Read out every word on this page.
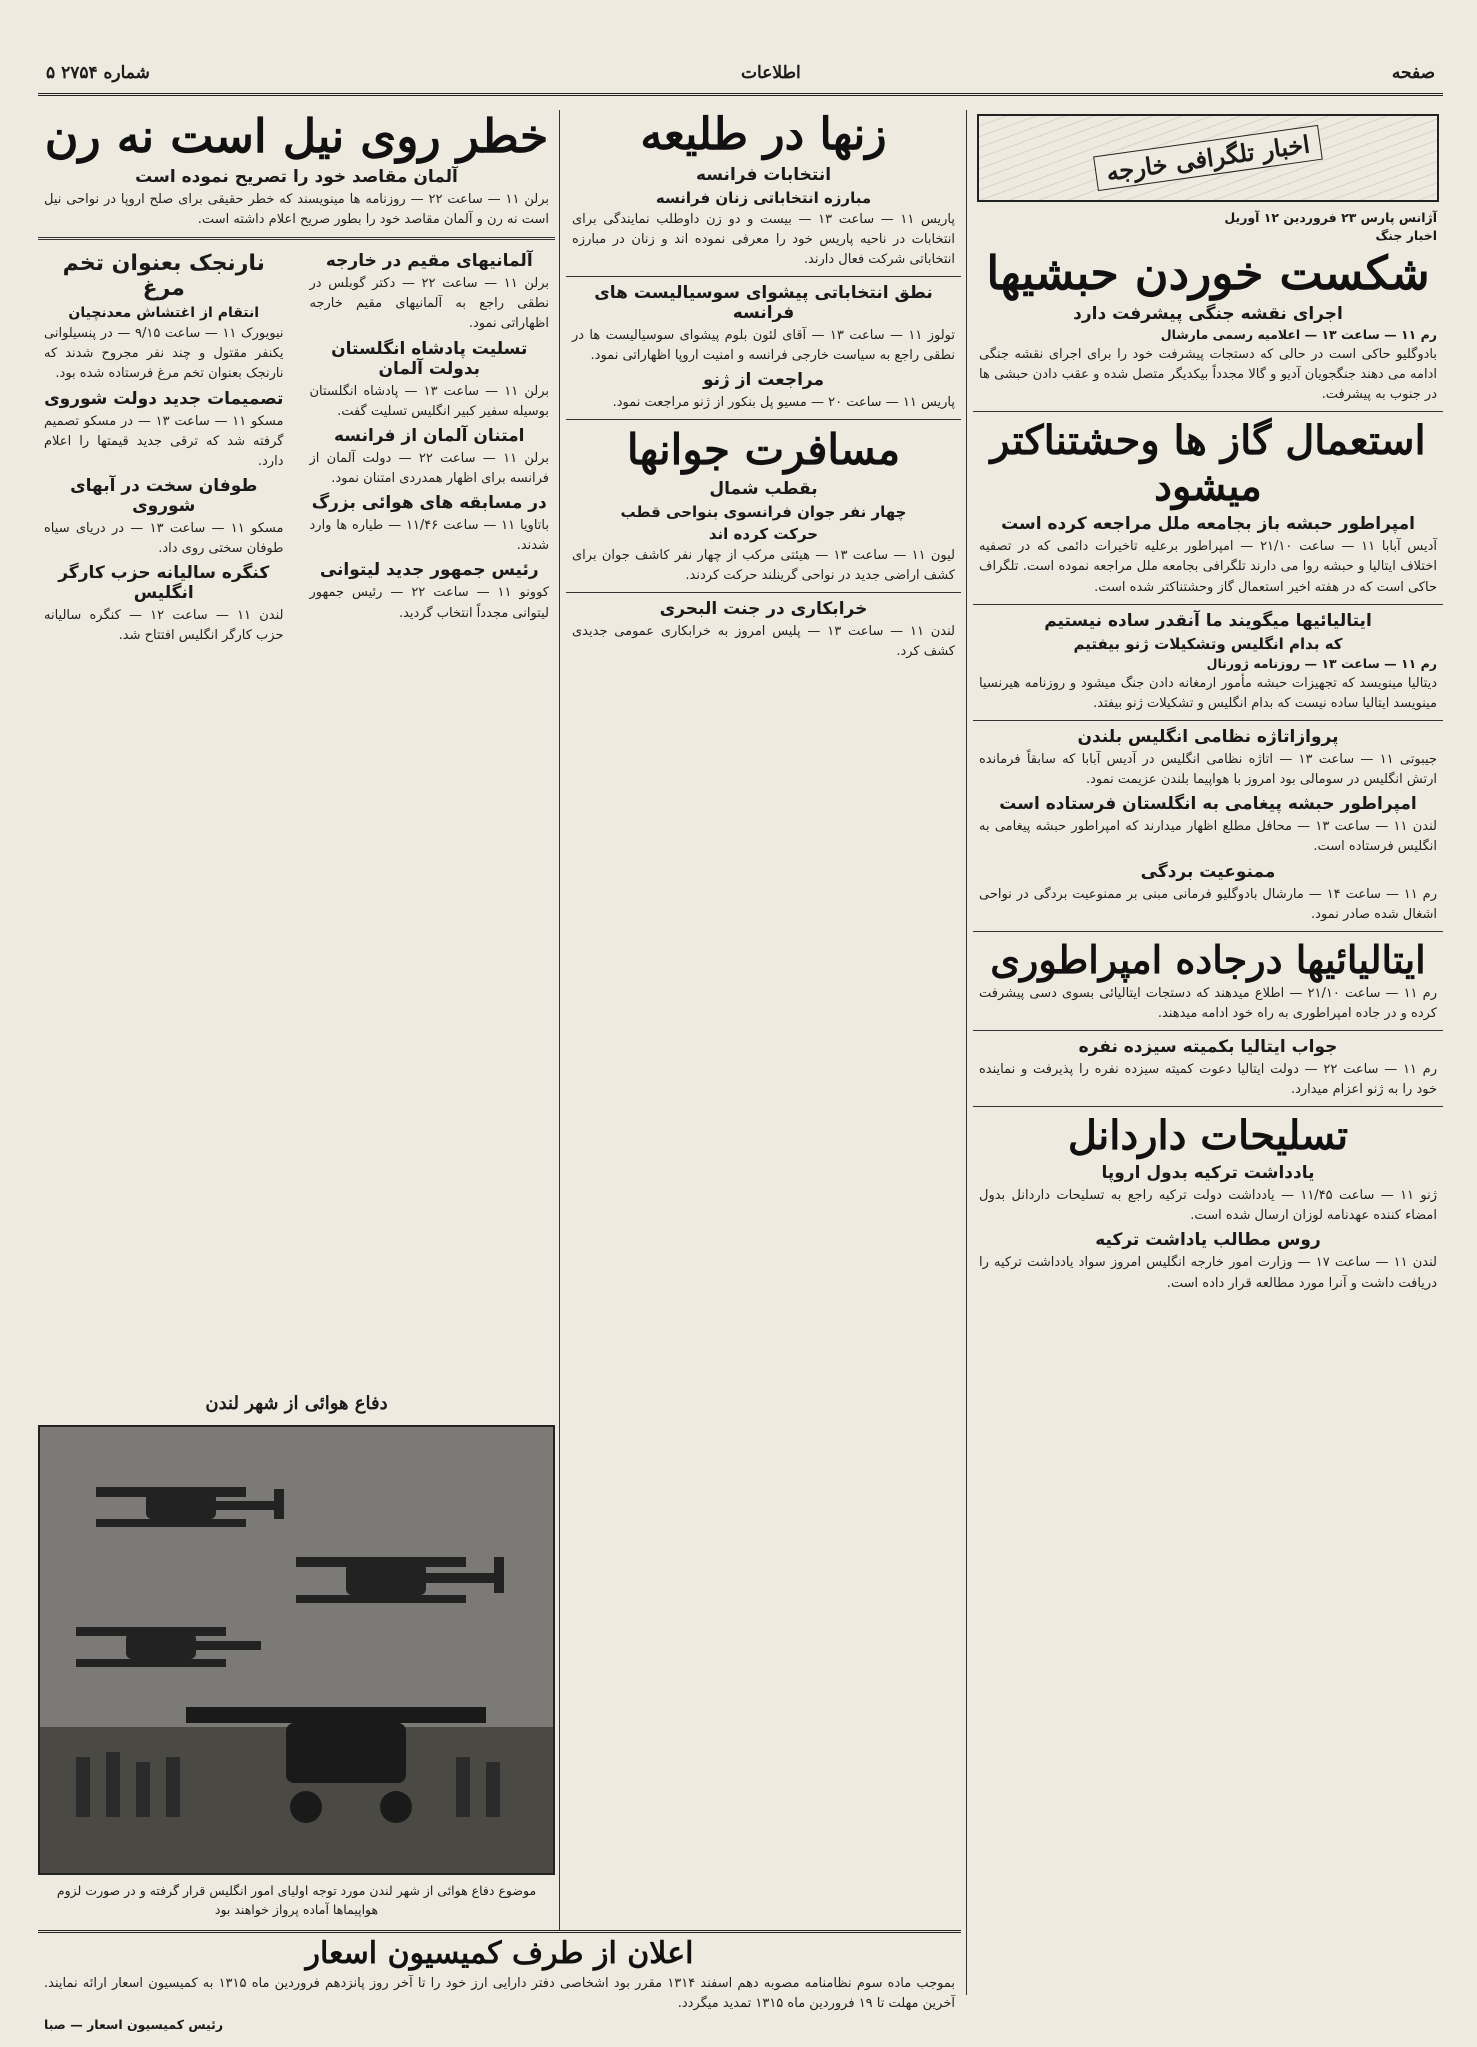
صفحه
اطلاعات
شماره ۲۷۵۴ ۵
اخبار تلگرافی خارجه
آژانس پارس ۲۳ فروردین ۱۲ آوریل
اخبار جنگ
شکست خوردن حبشیها
اجرای نقشه جنگی پیشرفت دارد
رم ۱۱ — ساعت ۱۳ — اعلامیه رسمی مارشال
بادوگلیو حاکی است در حالی که دستجات پیشرفت خود را برای اجرای نقشه جنگی ادامه می دهند جنگجویان آدیو و گالا مجدداً بیکدیگر متصل شده و عقب دادن حبشی ها در جنوب به پیشرفت.
استعمال گاز ها وحشتناکتر میشود
امپراطور حبشه باز بجامعه ملل مراجعه کرده است
آدیس آبابا ۱۱ — ساعت ۲۱/۱۰ — امپراطور برعلیه تاخیرات دائمی که در تصفیه اختلاف ایتالیا و حبشه روا می دارند تلگرافی بجامعه ملل مراجعه نموده است. تلگراف حاکی است که در هفته اخیر استعمال گاز وحشتناکتر شده است.
ایتالیائیها میگویند ما آنقدر ساده نیستیم
که بدام انگلیس وتشکیلات ژنو بیفتیم
رم ۱۱ — ساعت ۱۳ — روزنامه ژورنال
دیتالیا مینویسد که تجهیزات حبشه مأمور ارمغانه دادن جنگ میشود و روزنامه هیرنسیا مینویسد ایتالیا ساده نیست که بدام انگلیس و تشکیلات ژنو بیفتد.
پروازاتاژه نظامی انگلیس بلندن
جیبوتی ۱۱ — ساعت ۱۳ — اتاژه نظامی انگلیس در آدیس آبابا که سابقاً فرمانده ارتش انگلیس در سومالی بود امروز با هواپیما بلندن عزیمت نمود.
امپراطور حبشه پیغامی به انگلستان فرستاده است
لندن ۱۱ — ساعت ۱۳ — محافل مطلع اظهار میدارند که امپراطور حبشه پیغامی به انگلیس فرستاده است.
ممنوعیت بردگی
رم ۱۱ — ساعت ۱۴ — مارشال بادوگلیو فرمانی مبنی بر ممنوعیت بردگی در نواحی اشغال شده صادر نمود.
ایتالیائیها درجاده امپراطوری
رم ۱۱ — ساعت ۲۱/۱۰ — اطلاع میدهند که دستجات ایتالیائی بسوی دسی پیشرفت کرده و در جاده امپراطوری به راه خود ادامه میدهند.
جواب ایتالیا بکمیته سیزده نفره
رم ۱۱ — ساعت ۲۲ — دولت ایتالیا دعوت کمیته سیزده نفره را پذیرفت و نماینده خود را به ژنو اعزام میدارد.
تسلیحات داردانل
یادداشت ترکیه بدول اروپا
ژنو ۱۱ — ساعت ۱۱/۴۵ — یادداشت دولت ترکیه راجع به تسلیحات داردانل بدول امضاء کننده عهدنامه لوزان ارسال شده است.
روس مطالب یاداشت ترکیه
لندن ۱۱ — ساعت ۱۷ — وزارت امور خارجه انگلیس امروز سواد یادداشت ترکیه را دریافت داشت و آنرا مورد مطالعه قرار داده است.
زنها در طلیعه
انتخابات فرانسه
مبارزه انتخاباتی زنان فرانسه
پاریس ۱۱ — ساعت ۱۳ — بیست و دو زن داوطلب نمایندگی برای انتخابات در ناحیه پاریس خود را معرفی نموده اند و زنان در مبارزه انتخاباتی شرکت فعال دارند.
نطق انتخاباتی پیشوای سوسیالیست های فرانسه
تولوز ۱۱ — ساعت ۱۳ — آقای لئون بلوم پیشوای سوسیالیست ها در نطقی راجع به سیاست خارجی فرانسه و امنیت اروپا اظهاراتی نمود.
مراجعت از ژنو
پاریس ۱۱ — ساعت ۲۰ — مسیو پل بنکور از ژنو مراجعت نمود.
مسافرت جوانها
بقطب شمال
چهار نفر جوان فرانسوی بنواحی قطب
حرکت کرده اند
لیون ۱۱ — ساعت ۱۳ — هیئتی مرکب از چهار نفر کاشف جوان برای کشف اراضی جدید در نواحی گرینلند حرکت کردند.
خرابکاری در جنت البحری
لندن ۱۱ — ساعت ۱۳ — پلیس امروز به خرابکاری عمومی جدیدی کشف کرد.
خطر روی نیل است نه رن
آلمان مقاصد خود را تصریح نموده است
برلن ۱۱ — ساعت ۲۲ — روزنامه ها مینویسند که خطر حقیقی برای صلح اروپا در نواحی نیل است نه رن و آلمان مقاصد خود را بطور صریح اعلام داشته است.
آلمانیهای مقیم در خارجه
برلن ۱۱ — ساعت ۲۲ — دکتر گوبلس در نطقی راجع به آلمانیهای مقیم خارجه اظهاراتی نمود.
تسلیت پادشاه انگلستان بدولت آلمان
برلن ۱۱ — ساعت ۱۳ — پادشاه انگلستان بوسیله سفیر کبیر انگلیس تسلیت گفت.
امتنان آلمان از فرانسه
برلن ۱۱ — ساعت ۲۲ — دولت آلمان از فرانسه برای اظهار همدردی امتنان نمود.
در مسابقه های هوائی بزرگ
باتاویا ۱۱ — ساعت ۱۱/۴۶ — طیاره ها وارد شدند.
رئیس جمهور جدید لیتوانی
کوونو ۱۱ — ساعت ۲۲ — رئیس جمهور لیتوانی مجدداً انتخاب گردید.
نارنجک بعنوان تخم مرغ
انتقام از اغتشاش معدنچیان
نیویورک ۱۱ — ساعت ۹/۱۵ — در پنسیلوانی یکنفر مقتول و چند نفر مجروح شدند که نارنجک بعنوان تخم مرغ فرستاده شده بود.
تصمیمات جدید دولت شوروی
مسکو ۱۱ — ساعت ۱۳ — در مسکو تصمیم گرفته شد که ترقی جدید قیمتها را اعلام دارد.
طوفان سخت در آبهای شوروی
مسکو ۱۱ — ساعت ۱۳ — در دریای سیاه طوفان سختی روی داد.
کنگره سالیانه حزب کارگر انگلیس
لندن ۱۱ — ساعت ۱۲ — کنگره سالیانه حزب کارگر انگلیس افتتاح شد.
دفاع هوائی از شهر لندن
موضوع دفاع هوائی از شهر لندن مورد توجه اولیای امور انگلیس قرار گرفته و در صورت لزوم هواپیماها آماده پرواز خواهند بود
اعلان از طرف کمیسیون اسعار
بموجب ماده سوم نظامنامه مصوبه دهم اسفند ۱۳۱۴ مقرر بود اشخاصی دفتر دارایی ارز خود را تا آخر روز پانزدهم فروردین ماه ۱۳۱۵ به کمیسیون اسعار ارائه نمایند. آخرین مهلت تا ۱۹ فروردین ماه ۱۳۱۵ تمدید میگردد.
رئیس کمیسیون اسعار — صبا
